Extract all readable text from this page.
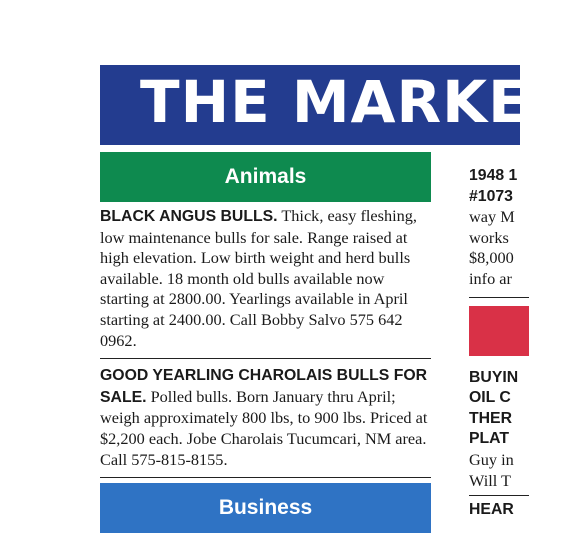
THE MARKET
Animals
BLACK ANGUS BULLS. Thick, easy fleshing, low maintenance bulls for sale. Range raised at high elevation. Low birth weight and herd bulls available. 18 month old bulls available now starting at 2800.00. Yearlings available in April starting at 2400.00. Call Bobby Salvo 575 642 0962.
GOOD YEARLING CHAROLAIS BULLS FOR SALE. Polled bulls. Born January thru April; weigh approximately 800 lbs, to 900 lbs. Priced at $2,200 each. Jobe Charolais Tucumcari, NM area. Call 575-815-8155.
Business
1948 1
#1073
way M
works
$8,000
info ar
BUYIN
OIL C
THER
PLAT
Guy in
Will T
HEAR
